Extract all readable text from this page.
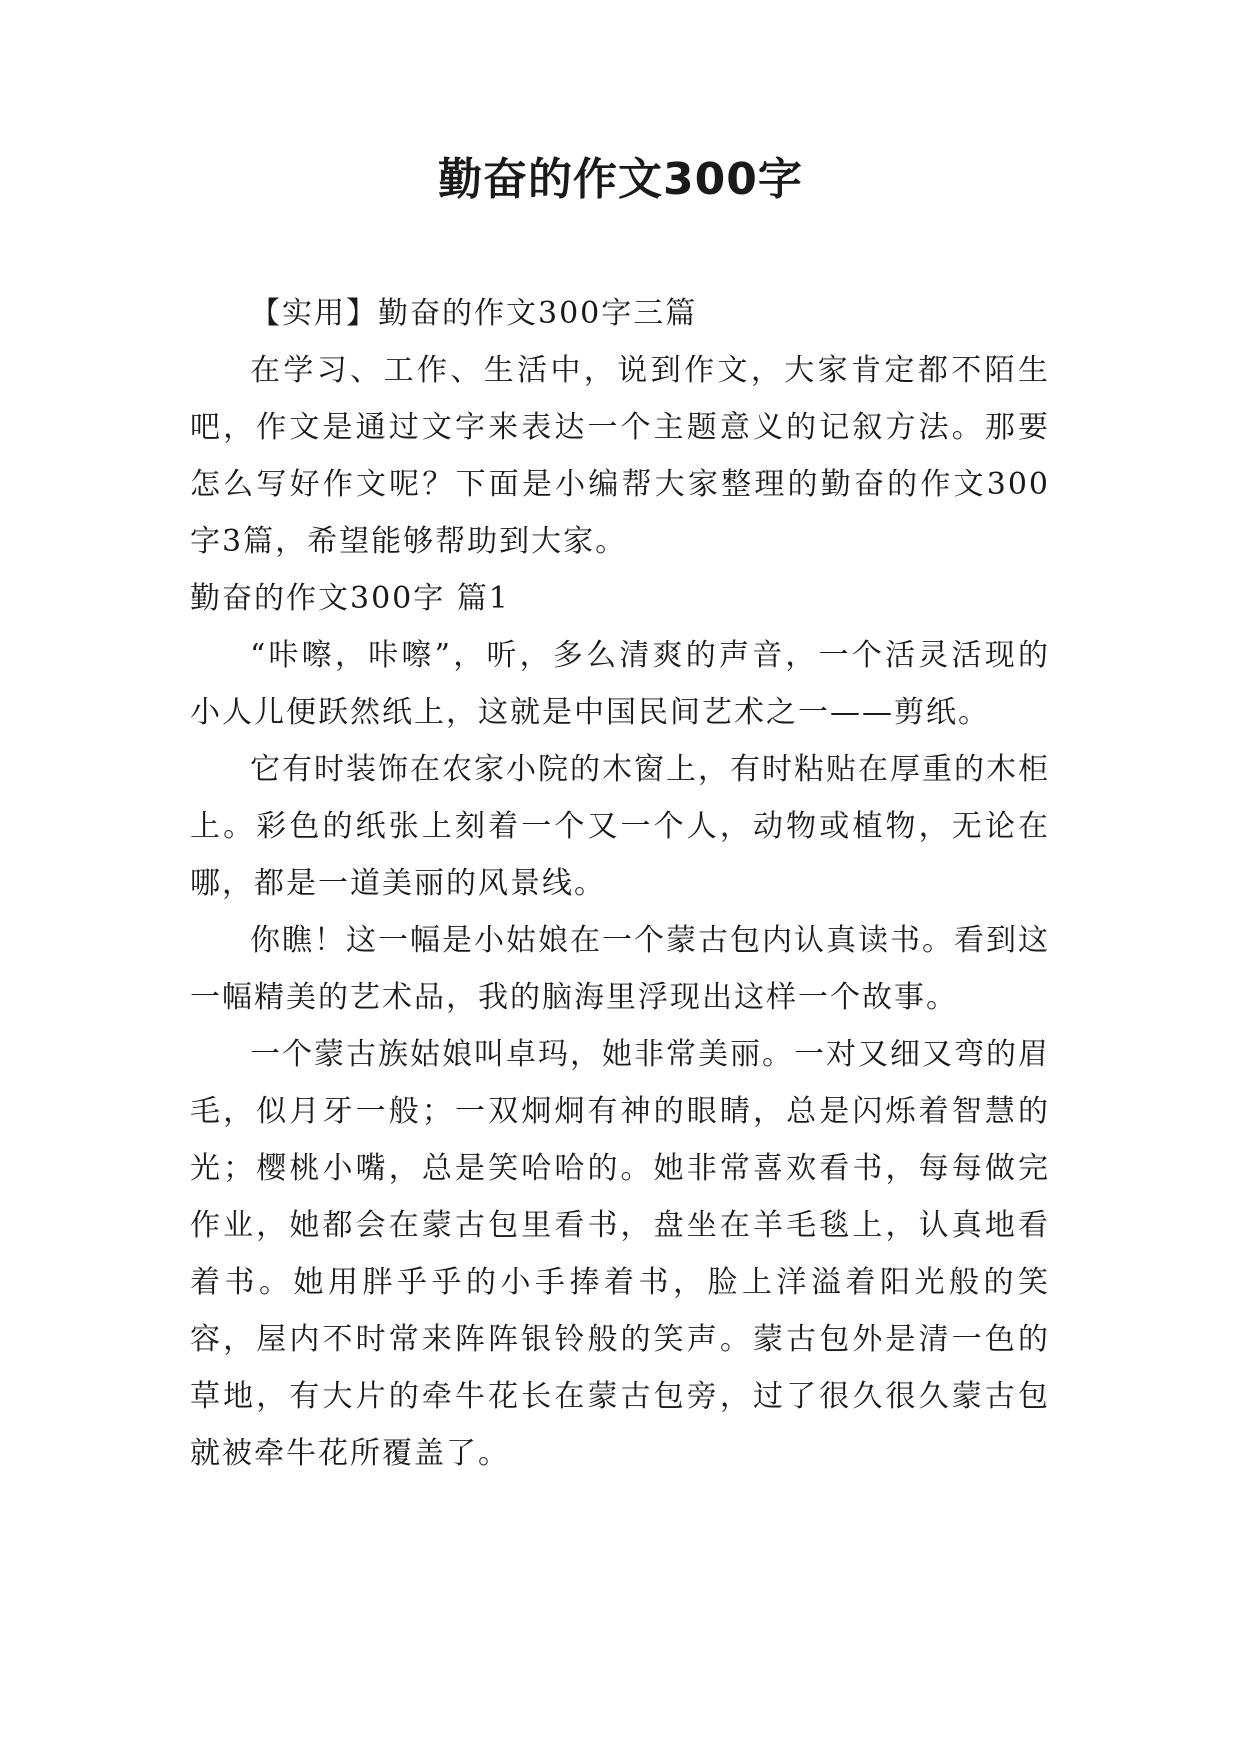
勤奋的作文300字

【实用】勤奋的作文300字三篇

在学习、工作、生活中，说到作文，大家肯定都不陌生吧，作文是通过文字来表达一个主题意义的记叙方法。那要怎么写好作文呢？下面是小编帮大家整理的勤奋的作文300字3篇，希望能够帮助到大家。

勤奋的作文300字 篇1

“咔嚓，咔嚓”，听，多么清爽的声音，一个活灵活现的小人儿便跃然纸上，这就是中国民间艺术之一——剪纸。

它有时装饰在农家小院的木窗上，有时粘贴在厚重的木柜上。彩色的纸张上刻着一个又一个人，动物或植物，无论在哪，都是一道美丽的风景线。

你瞧！这一幅是小姑娘在一个蒙古包内认真读书。看到这一幅精美的艺术品，我的脑海里浮现出这样一个故事。

一个蒙古族姑娘叫卓玛，她非常美丽。一对又细又弯的眉毛，似月牙一般；一双炯炯有神的眼睛，总是闪烁着智慧的光；樱桃小嘴，总是笑哈哈的。她非常喜欢看书，每每做完作业，她都会在蒙古包里看书，盘坐在羊毛毯上，认真地看着书。她用胖乎乎的小手捧着书，脸上洋溢着阳光般的笑容，屋内不时常来阵阵银铃般的笑声。蒙古包外是清一色的草地，有大片的牵牛花长在蒙古包旁，过了很久很久蒙古包就被牵牛花所覆盖了。
